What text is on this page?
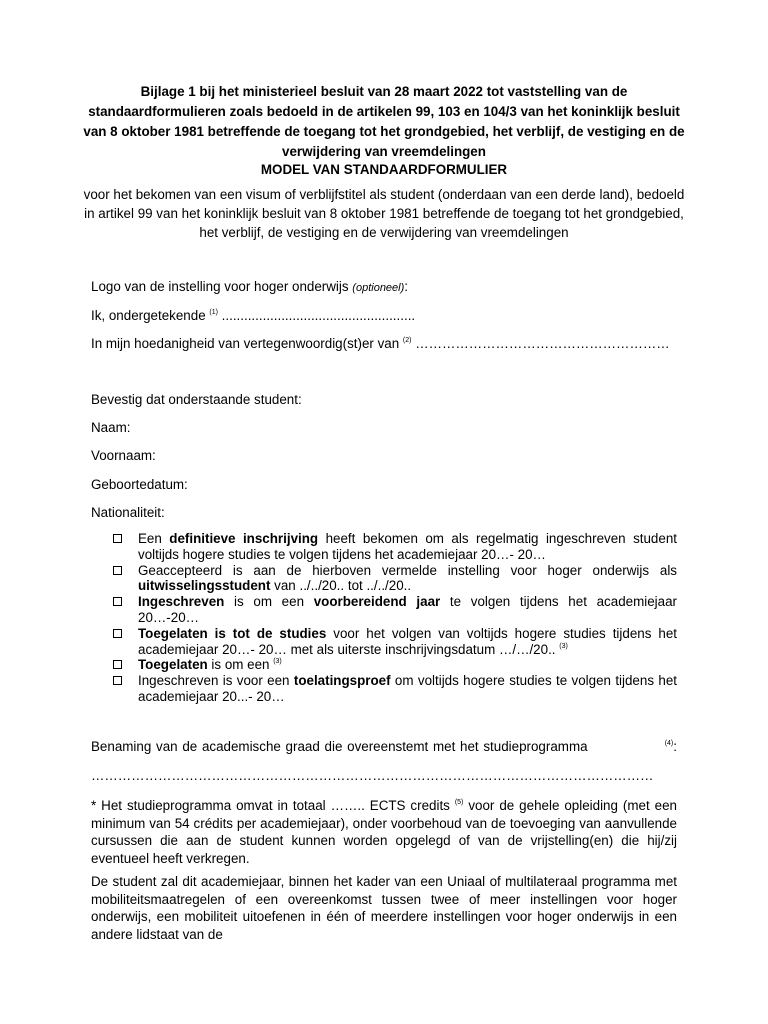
Bijlage 1 bij het ministerieel besluit van 28 maart 2022 tot vaststelling van de
standaardformulieren zoals bedoeld in de artikelen 99, 103 en 104/3 van het koninklijk besluit
van 8 oktober 1981 betreffende de toegang tot het grondgebied, het verblijf, de vestiging en de
verwijdering van vreemdelingen
MODEL VAN STANDAARDFORMULIER
voor het bekomen van een visum of verblijfstitel als student (onderdaan van een derde land), bedoeld
in artikel 99 van het koninklijk besluit van 8 oktober 1981 betreffende de toegang tot het grondgebied,
het verblijf, de vestiging en de verwijdering van vreemdelingen
Logo van de instelling voor hoger onderwijs (optioneel):
Ik, ondergetekende $^{(1)}$ ....................................................
In mijn hoedanigheid van vertegenwoordig(st)er van $^{(2)}$ …………………………………………………
Bevestig dat onderstaande student:
Naam:
Voornaam:
Geboortedatum:
Nationaliteit:
Een definitieve inschrijving heeft bekomen om als regelmatig ingeschreven student voltijds hogere studies te volgen tijdens het academiejaar 20…- 20…
Geaccepteerd is aan de hierboven vermelde instelling voor hoger onderwijs als uitwisselingsstudent van ../../20.. tot ../../20..
Ingeschreven is om een voorbereidend jaar te volgen tijdens het academiejaar 20…-20…
Toegelaten is tot de studies voor het volgen van voltijds hogere studies tijdens het academiejaar 20…- 20… met als uiterste inschrijvingsdatum …/…/20.. $^{(3)}$
Toegelaten is om een $^{(3)}$
Ingeschreven is voor een toelatingsproef om voltijds hogere studies te volgen tijdens het academiejaar 20...- 20…
Benaming van de academische graad die overeenstemt met het studieprogramma	$^{(4)}$:
………………………………………………………………………………………………………………
* Het studieprogramma omvat in totaal …….. ECTS credits $^{(5)}$ voor de gehele opleiding (met een minimum van 54 crédits per academiejaar), onder voorbehoud van de toevoeging van aanvullende cursussen die aan de student kunnen worden opgelegd of van de vrijstelling(en) die hij/zij eventueel heeft verkregen.
De student zal dit academiejaar, binnen het kader van een Uniaal of multilateraal programma met mobiliteitsmaatregelen of een overeenkomst tussen twee of meer instellingen voor hoger onderwijs, een mobiliteit uitoefenen in één of meerdere instellingen voor hoger onderwijs in een andere lidstaat van de
